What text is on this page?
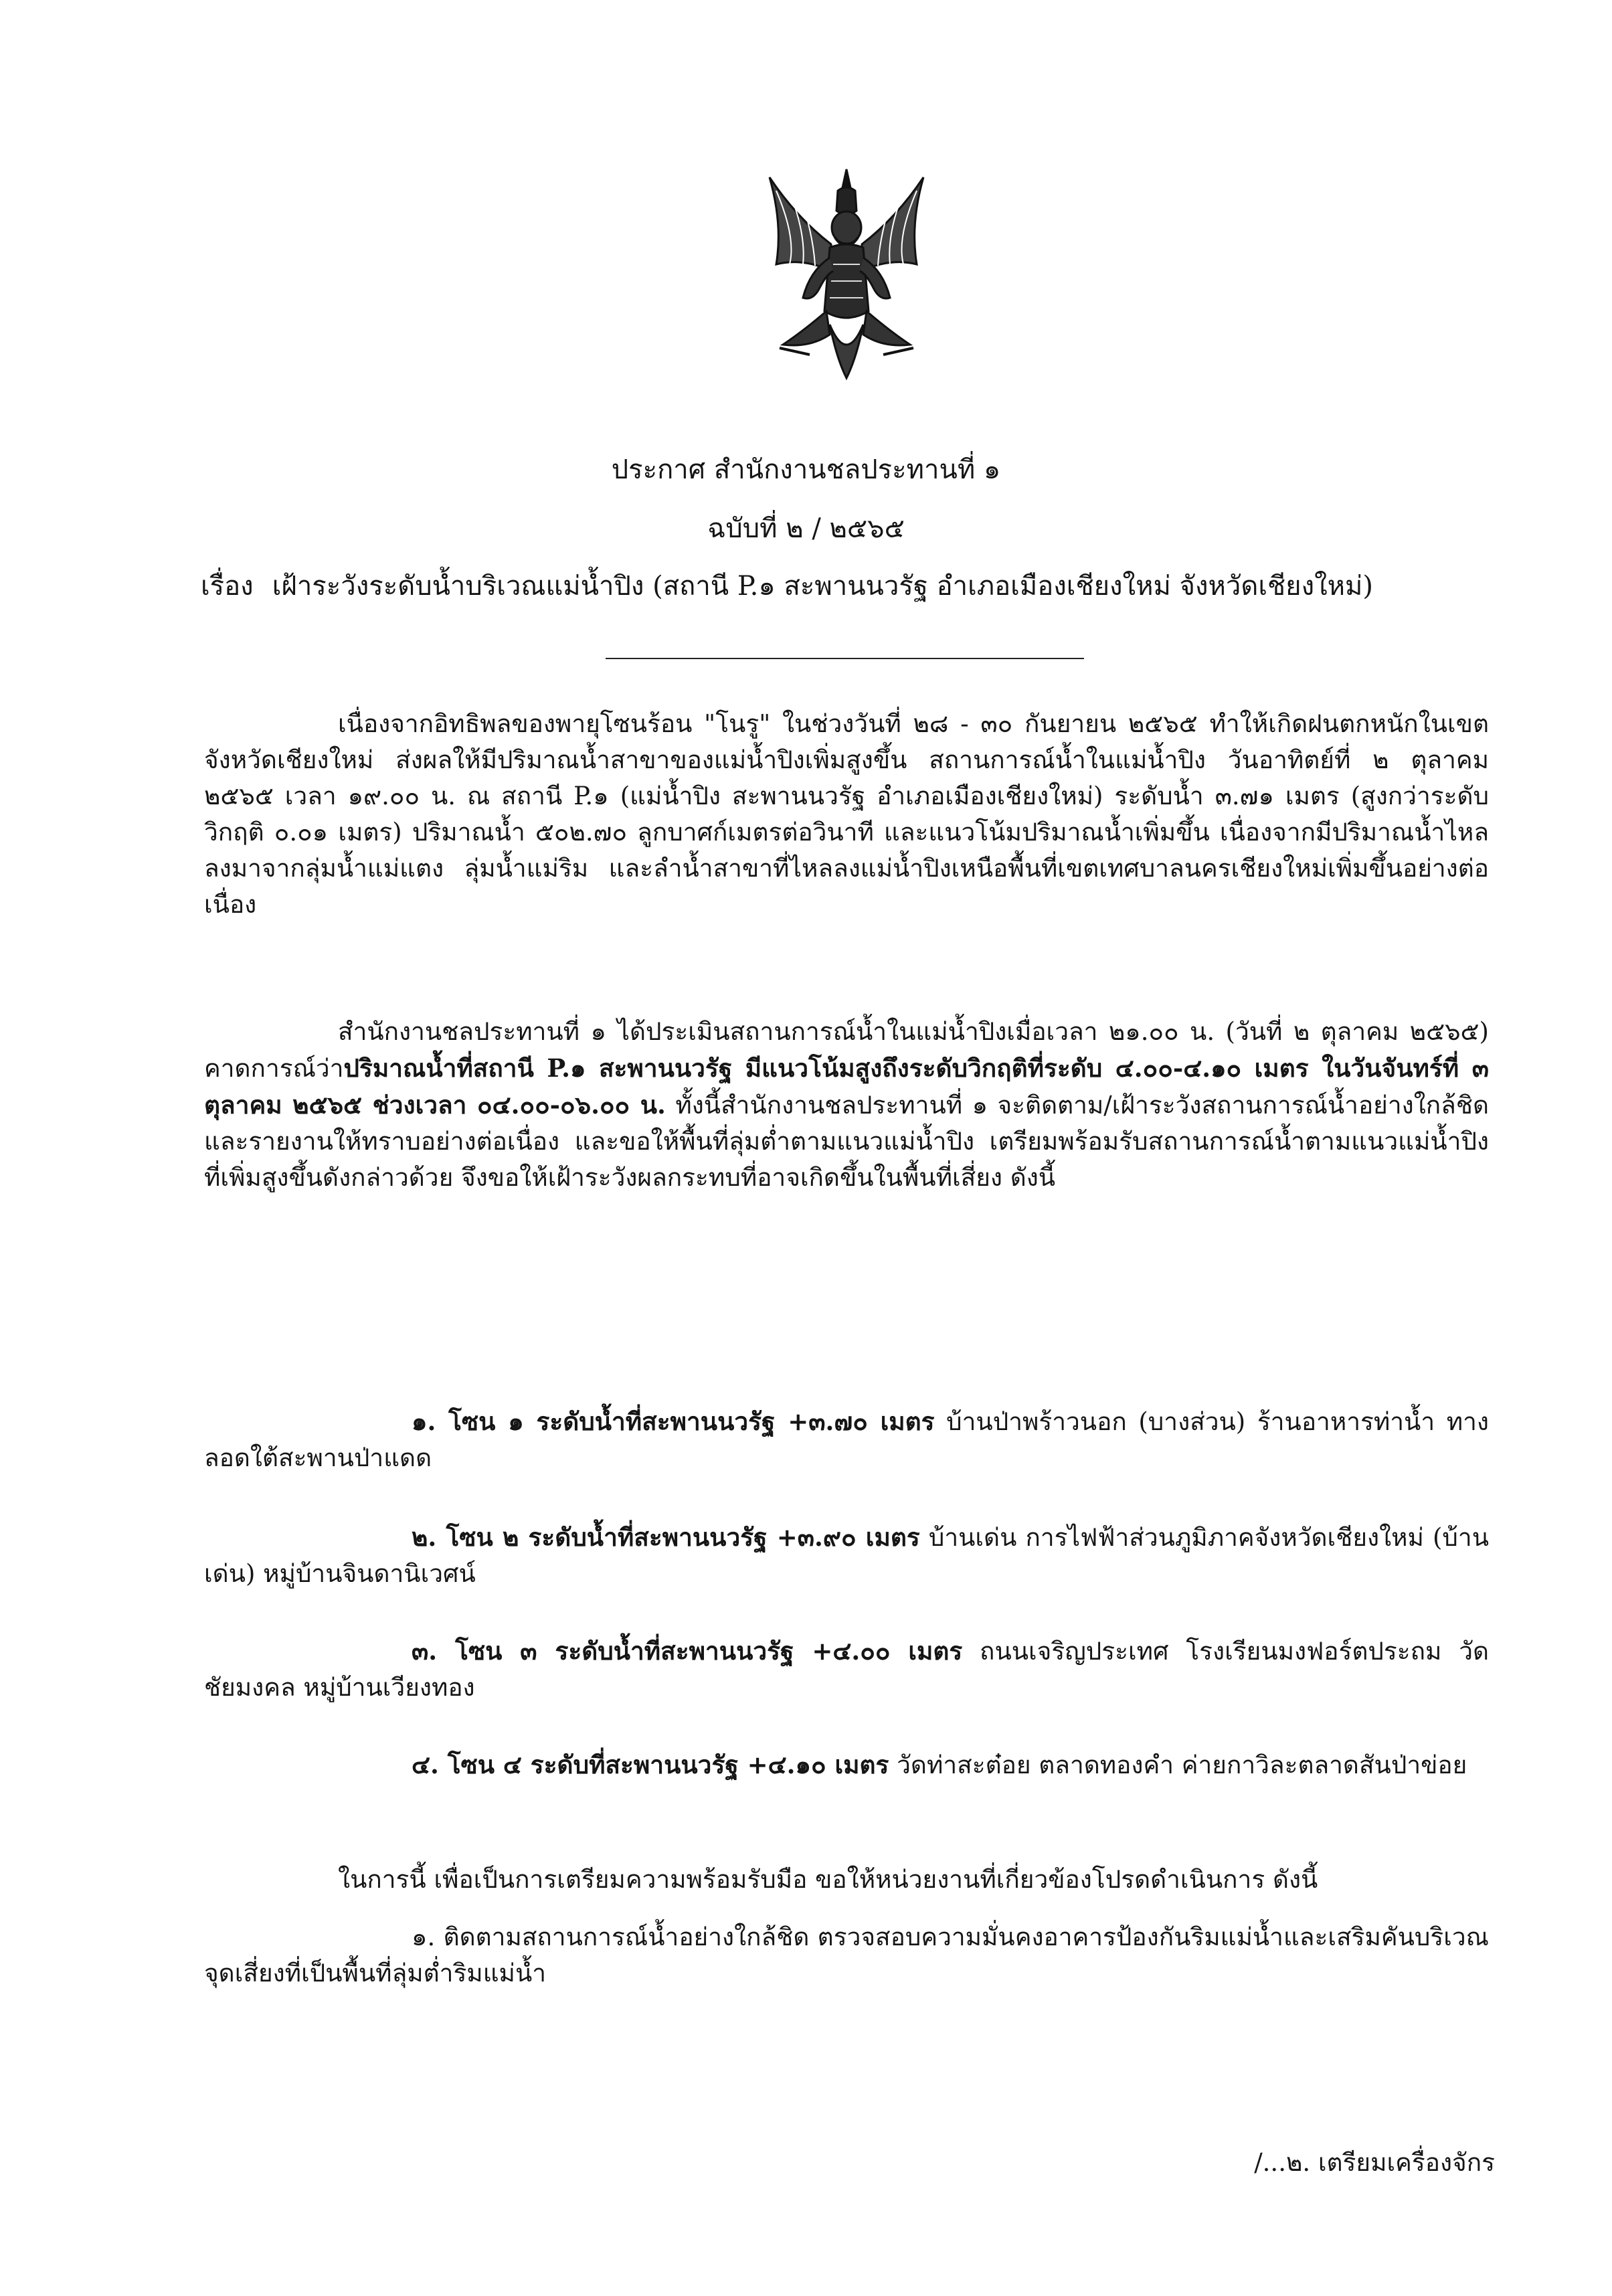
ประกาศ สำนักงานชลประทานที่ ๑
ฉบับที่ ๒ / ๒๕๖๕
เรื่อง เฝ้าระวังระดับน้ำบริเวณแม่น้ำปิง (สถานี P.๑ สะพานนวรัฐ อำเภอเมืองเชียงใหม่ จังหวัดเชียงใหม่)

เนื่องจากอิทธิพลของพายุโซนร้อน "โนรู" ในช่วงวันที่ ๒๘ - ๓๐ กันยายน ๒๕๖๕ ทำให้เกิดฝนตกหนักในเขตจังหวัดเชียงใหม่ ส่งผลให้มีปริมาณน้ำสาขาของแม่น้ำปิงเพิ่มสูงขึ้น สถานการณ์น้ำในแม่น้ำปิง วันอาทิตย์ที่ ๒ ตุลาคม ๒๕๖๕ เวลา ๑๙.๐๐ น. ณ สถานี P.๑ (แม่น้ำปิง สะพานนวรัฐ อำเภอเมืองเชียงใหม่) ระดับน้ำ ๓.๗๑ เมตร (สูงกว่าระดับวิกฤติ ๐.๐๑ เมตร) ปริมาณน้ำ ๕๐๒.๗๐ ลูกบาศก์เมตรต่อวินาที และแนวโน้มปริมาณน้ำเพิ่มขึ้น เนื่องจากมีปริมาณน้ำไหลลงมาจากลุ่มน้ำแม่แตง ลุ่มน้ำแม่ริม และลำน้ำสาขาที่ไหลลงแม่น้ำปิงเหนือพื้นที่เขตเทศบาลนครเชียงใหม่เพิ่มขึ้นอย่างต่อเนื่อง

สำนักงานชลประทานที่ ๑ ได้ประเมินสถานการณ์น้ำในแม่น้ำปิงเมื่อเวลา ๒๑.๐๐ น. (วันที่ ๒ ตุลาคม ๒๕๖๕) คาดการณ์ว่าปริมาณน้ำที่สถานี P.๑ สะพานนวรัฐ มีแนวโน้มสูงถึงระดับวิกฤติที่ระดับ ๔.๐๐-๔.๑๐ เมตร ในวันจันทร์ที่ ๓ ตุลาคม ๒๕๖๕ ช่วงเวลา ๐๔.๐๐-๐๖.๐๐ น. ทั้งนี้สำนักงานชลประทานที่ ๑ จะติดตาม/เฝ้าระวังสถานการณ์น้ำอย่างใกล้ชิด และรายงานให้ทราบอย่างต่อเนื่อง และขอให้พื้นที่ลุ่มต่ำตามแนวแม่น้ำปิง เตรียมพร้อมรับสถานการณ์น้ำตามแนวแม่น้ำปิงที่เพิ่มสูงขึ้นดังกล่าวด้วย จึงขอให้เฝ้าระวังผลกระทบที่อาจเกิดขึ้นในพื้นที่เสี่ยง ดังนี้

๑. โซน ๑ ระดับน้ำที่สะพานนวรัฐ +๓.๗๐ เมตร บ้านป่าพร้าวนอก (บางส่วน) ร้านอาหารท่าน้ำ ทางลอดใต้สะพานป่าแดด

๒. โซน ๒ ระดับน้ำที่สะพานนวรัฐ +๓.๙๐ เมตร บ้านเด่น การไฟฟ้าส่วนภูมิภาคจังหวัดเชียงใหม่ (บ้านเด่น) หมู่บ้านจินดานิเวศน์

๓. โซน ๓ ระดับน้ำที่สะพานนวรัฐ +๔.๐๐ เมตร ถนนเจริญประเทศ โรงเรียนมงฟอร์ตประถม วัดชัยมงคล หมู่บ้านเวียงทอง

๔. โซน ๔ ระดับที่สะพานนวรัฐ +๔.๑๐ เมตร วัดท่าสะต๋อย ตลาดทองคำ ค่ายกาวิละตลาดสันป่าข่อย

ในการนี้ เพื่อเป็นการเตรียมความพร้อมรับมือ ขอให้หน่วยงานที่เกี่ยวข้องโปรดดำเนินการ ดังนี้

๑. ติดตามสถานการณ์น้ำอย่างใกล้ชิด ตรวจสอบความมั่นคงอาคารป้องกันริมแม่น้ำและเสริมคันบริเวณจุดเสี่ยงที่เป็นพื้นที่ลุ่มต่ำริมแม่น้ำ

/...๒. เตรียมเครื่องจักร
